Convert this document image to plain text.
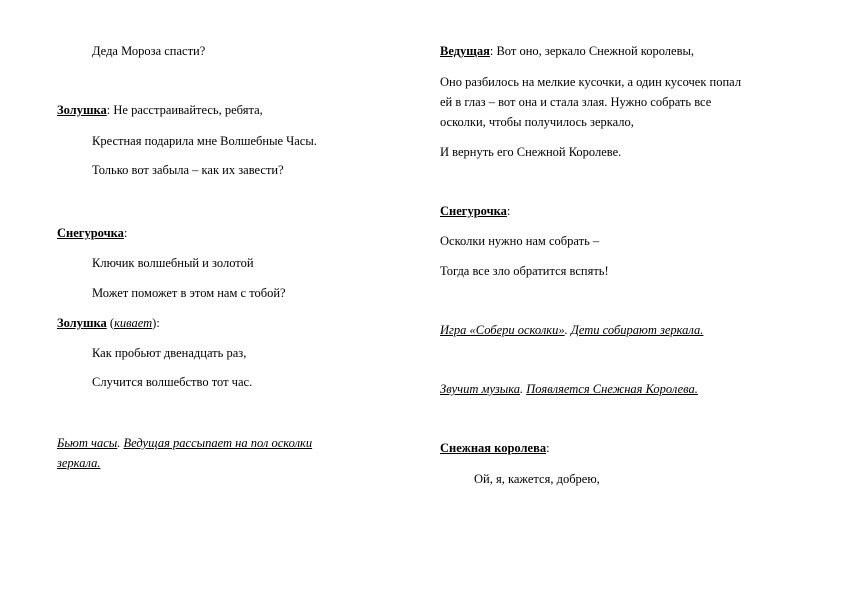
Деда Мороза спасти?

Золушка: Не расстраивайтесь, ребята,

Крестная подарила мне Волшебные Часы.

Только вот забыла – как их завести?

Снегурочка:

Ключик волшебный и золотой

Может поможет в этом нам с тобой?

Золушка (кивает):

Как пробьют двенадцать раз,

Случится волшебство тот час.

Бьют часы. Ведущая рассыпает на пол осколки

зеркала.

Ведущая: Вот оно, зеркало Снежной королевы,

Оно разбилось на мелкие кусочки, а один кусочек попал

ей в глаз – вот она и стала злая. Нужно собрать все

осколки, чтобы получилось зеркало,

И вернуть его Снежной Королеве.

Снегурочка:

Осколки нужно нам собрать –

Тогда все зло обратится вспять!

Игра «Собери осколки». Дети собирают зеркала.

Звучит музыка. Появляется Снежная Королева.

Снежная королева:

Ой, я, кажется, добрею,
